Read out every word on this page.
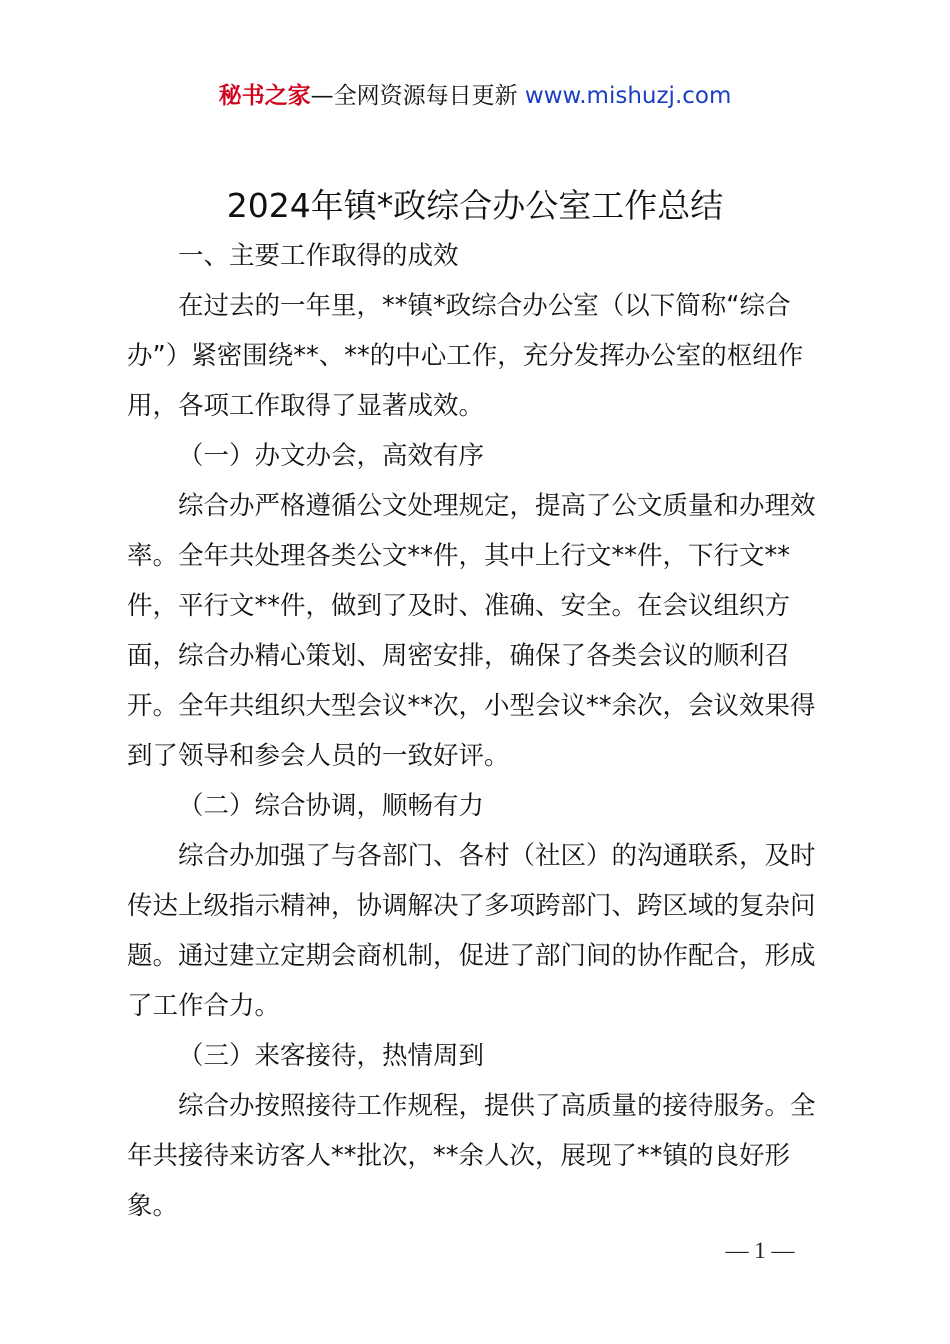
秘书之家—全网资源每日更新 www.mishuzj.com
2024年镇*政综合办公室工作总结

一、主要工作取得的成效

在过去的一年里，**镇*政综合办公室（以下简称“综合办”）紧密围绕**、**的中心工作，充分发挥办公室的枢纽作用，各项工作取得了显著成效。

（一）办文办会，高效有序

综合办严格遵循公文处理规定，提高了公文质量和办理效率。全年共处理各类公文**件，其中上行文**件，下行文**件，平行文**件，做到了及时、准确、安全。在会议组织方面，综合办精心策划、周密安排，确保了各类会议的顺利召开。全年共组织大型会议**次，小型会议**余次，会议效果得到了领导和参会人员的一致好评。

（二）综合协调，顺畅有力

综合办加强了与各部门、各村（社区）的沟通联系，及时传达上级指示精神，协调解决了多项跨部门、跨区域的复杂问题。通过建立定期会商机制，促进了部门间的协作配合，形成了工作合力。

（三）来客接待，热情周到

综合办按照接待工作规程，提供了高质量的接待服务。全年共接待来访客人**批次，**余人次，展现了**镇的良好形象。

— 1 —
